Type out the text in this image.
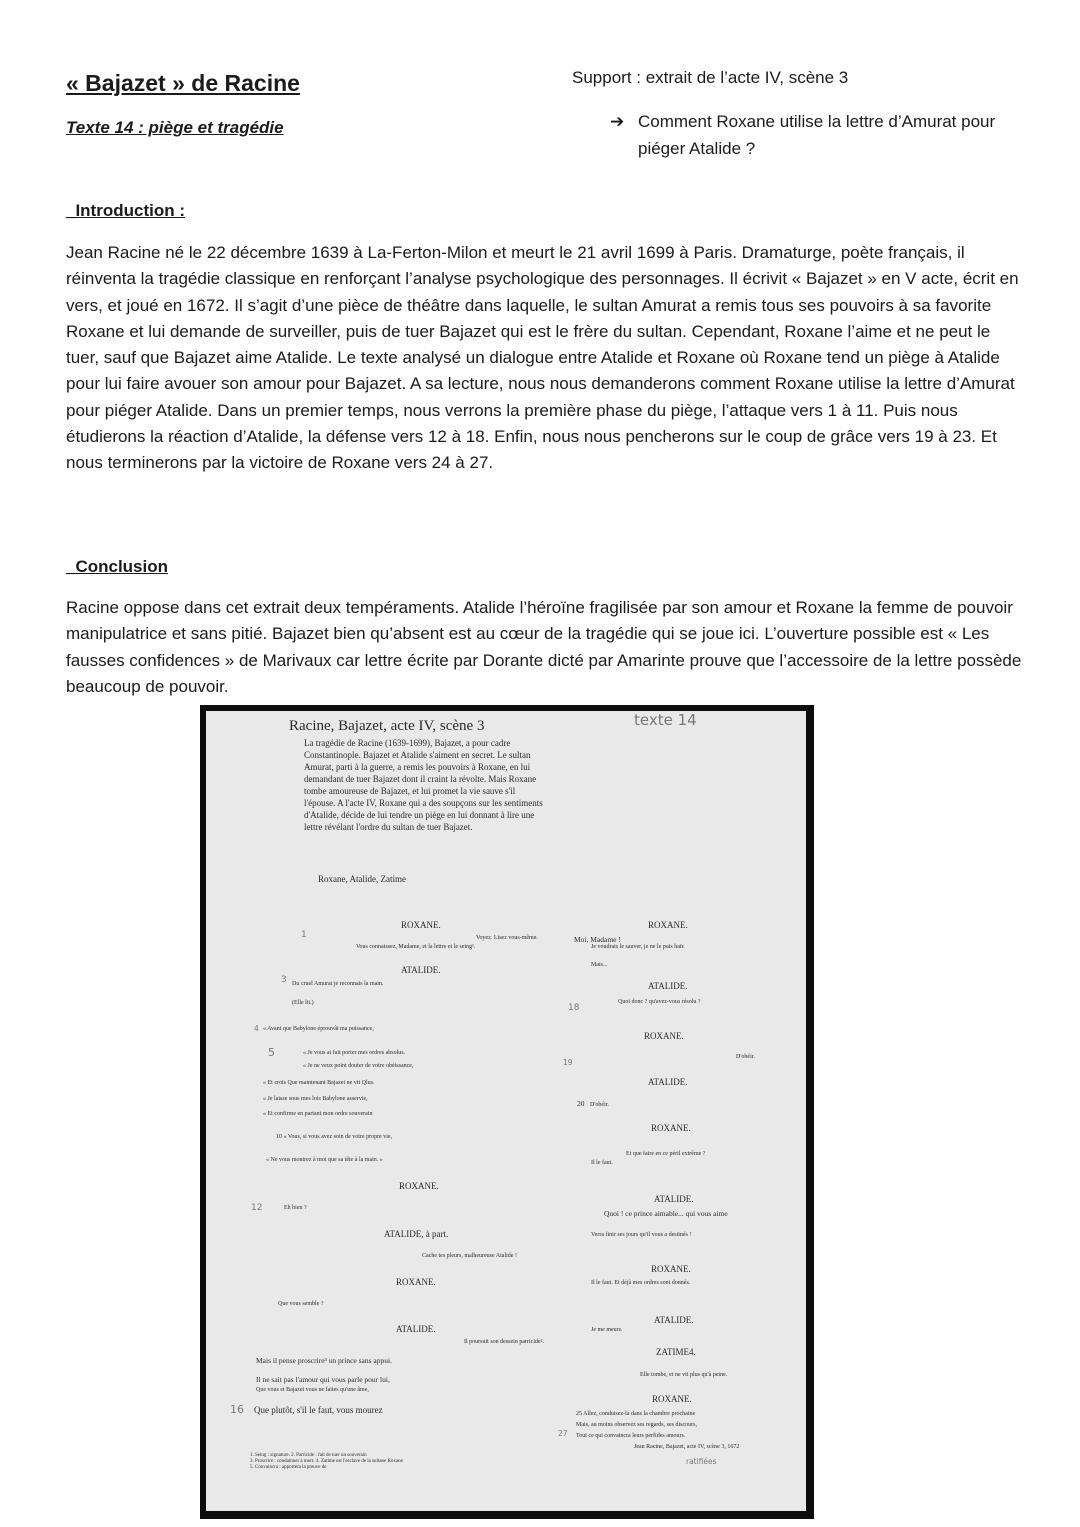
« Bajazet » de Racine
Texte 14 : piège et tragédie
Support : extrait de l’acte IV, scène 3
➔ Comment Roxane utilise la lettre d’Amurat pour piéger Atalide ?
_Introduction :

Jean Racine né le 22 décembre 1639 à La-Ferton-Milon et meurt le 21 avril 1699 à Paris. Dramaturge, poète français, il réinventa la tragédie classique en renforçant l’analyse psychologique des personnages. Il écrivit « Bajazet » en V acte, écrit en vers, et joué en 1672. Il s’agit d’une pièce de théâtre dans laquelle, le sultan Amurat a remis tous ses pouvoirs à sa favorite Roxane et lui demande de surveiller, puis de tuer Bajazet qui est le frère du sultan. Cependant, Roxane l’aime et ne peut le tuer, sauf que Bajazet aime Atalide. Le texte analysé un dialogue entre Atalide et Roxane où Roxane tend un piège à Atalide pour lui faire avouer son amour pour Bajazet. A sa lecture, nous nous demanderons comment Roxane utilise la lettre d’Amurat pour piéger Atalide. Dans un premier temps, nous verrons la première phase du piège, l’attaque vers 1 à 11. Puis nous étudierons la réaction d’Atalide, la défense vers 12 à 18. Enfin, nous nous pencherons sur le coup de grâce vers 19 à 23. Et nous terminerons par la victoire de Roxane vers 24 à 27.

_Conclusion

Racine oppose dans cet extrait deux tempéraments. Atalide l’héroïne fragilisée par son amour et Roxane la femme de pouvoir manipulatrice et sans pitié. Bajazet bien qu’absent est au cœur de la tragédie qui se joue ici. L’ouverture possible est « Les fausses confidences » de Marivaux car lettre écrite par Dorante dicté par Amarinte prouve que l’accessoire de la lettre possède beaucoup de pouvoir.

Racine, Bajazet, acte IV, scène 3	texte 14
La tragédie de Racine (1639-1699), Bajazet, a pour cadre Constantinople. Bajazet et Atalide s'aiment en secret. Le sultan Amurat, parti à la guerre, a remis les pouvoirs à Roxane, en lui demandant de tuer Bajazet dont il craint la révolte. Mais Roxane tombe amoureuse de Bajazet, et lui promet la vie sauve s'il l'épouse. A l'acte IV, Roxane qui a des soupçons sur les sentiments d'Atalide, décide de lui tendre un piège en lui donnant à lire une lettre révélant l'ordre du sultan de tuer Bajazet.
Roxane, Atalide, Zatime
ROXANE.
1
Vous connaissez, Madame, et la lettre et le seing¹.
Voyez. Lisez vous-même.	Moi, Madame !
ATALIDE.
3 Du cruel Amurat je reconnais la main.
(Elle lit.)
4 « Avant que Babylone éprouvât ma puissance,
5	« Je vous ai fait porter mes ordres absolus.
« Je ne veux point douter de votre obéissance,
« Et crois Que maintenant Bajazet ne vit Qlus.
« Je laisse sous mes lois Babylone asservie,
« Et confirme en partant mon ordre souverain
10 « Vous, si vous avez soin de votre propre vie,
« Ne vous montrez à moi que sa tête à la main. »
ROXANE.
12	Eh bien ?
ATALIDE, à part.
Cache tes pleurs, malheureuse Atalide !
ROXANE.
Que vous semble ?
ATALIDE.
Il poursuit son dessein parricide².
Mais il pense proscrire³ un prince sans appui.
Il ne sait pas l'amour qui vous parle pour lui,
Que vous et Bajazet vous ne faites qu'une âme,
16 Que plutôt, s'il le faut, vous mourez
1. Seing : signature. 2. Parricide : fait de tuer un souverain
3. Proscrire : condamner à mort. 4. Zatime est l'esclave de la sultane Roxane
5. Convaincra : apportera la preuve de
ROXANE.
Je voudrais le sauver, je ne le puis haïr.
Mais...
ATALIDE.
18
Quoi donc ? qu'avez-vous résolu ?
ROXANE.
19
D'obéir.
ATALIDE.
20 D'obéir.
ROXANE.
Et que faire en ce péril extrême ?
Il le faut.
ATALIDE.
Quoi ! ce prince aimable... qui vous aime
Verra finir ses jours qu'il vous a destinés !
ROXANE.
Il le faut. Et déjà mes ordres sont donnés.
ATALIDE.
Je me meurs.
ZATIME4.
Elle tombe, et ne vit plus qu'à peine.
ROXANE.
25 Allez, conduisez-la dans la chambre prochaine
Mais, au moins observez ses regards, ses discours,
27 Tout ce qui convaincra leurs perfides amours.
Jean Racine, Bajazet, acte IV, scène 3, 1672
ratifiées
